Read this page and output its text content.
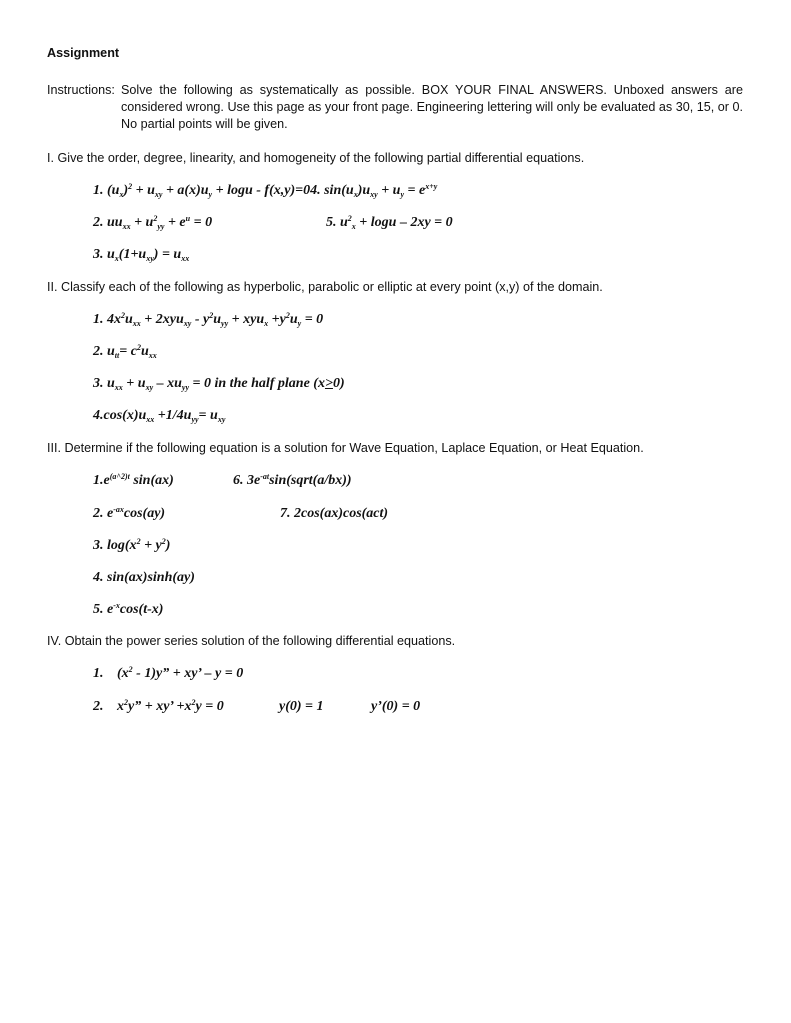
Assignment
Instructions: Solve the following as systematically as possible. BOX YOUR FINAL ANSWERS. Unboxed answers are considered wrong. Use this page as your front page. Engineering lettering will only be evaluated as 30, 15, or 0. No partial points will be given.
I. Give the order, degree, linearity, and homogeneity of the following partial differential equations.
1. $(u_x)^2 + u_{xy} + a(x)u_y + \log u - f(x,y)=04$. $\sin(u_x)u_{xy} + u_y = e^{x+y}$
2. $uu_{xx} + u^2_{yy} + e^u = 0$	5. $u^2_x + \log u - 2xy = 0$
3. $u_x(1+u_{xy}) = u_{xx}$
II. Classify each of the following as hyperbolic, parabolic or elliptic at every point (x,y) of the domain.
1. $4x^2u_{xx} + 2xyu_{xy} - y^2u_{yy} + xyu_x +y^2u_y = 0$
2. $u_{tt}= c^2u_{xx}$
3. $u_{xx} + u_{xy} - xu_{yy} = 0$ in the half plane (x>0)
$4.\cos(x)u_{xx} +1/4u_{yy}= u_{xy}$
III. Determine if the following equation is a solution for Wave Equation, Laplace Equation, or Heat Equation.
$1.e^{(a\^{}2)t}$ sin(ax)	6. $3e^{-at}\sin(sqrt(a/bx))$
2. $e^{-ax}\cos(ay)$	7. 2cos(ax)cos(act)
3. $\log(x^2 + y^2)$
4. sin(ax)sinh(ay)
5. $e^{-x}\cos(t-x)$
IV. Obtain the power series solution of the following differential equations.
1. $(x^2 - 1)y$” + xy’ – y = 0
2. $x^2y$” + xy’ $+x^2y = 0$	y(0) = 1	y’(0) = 0
